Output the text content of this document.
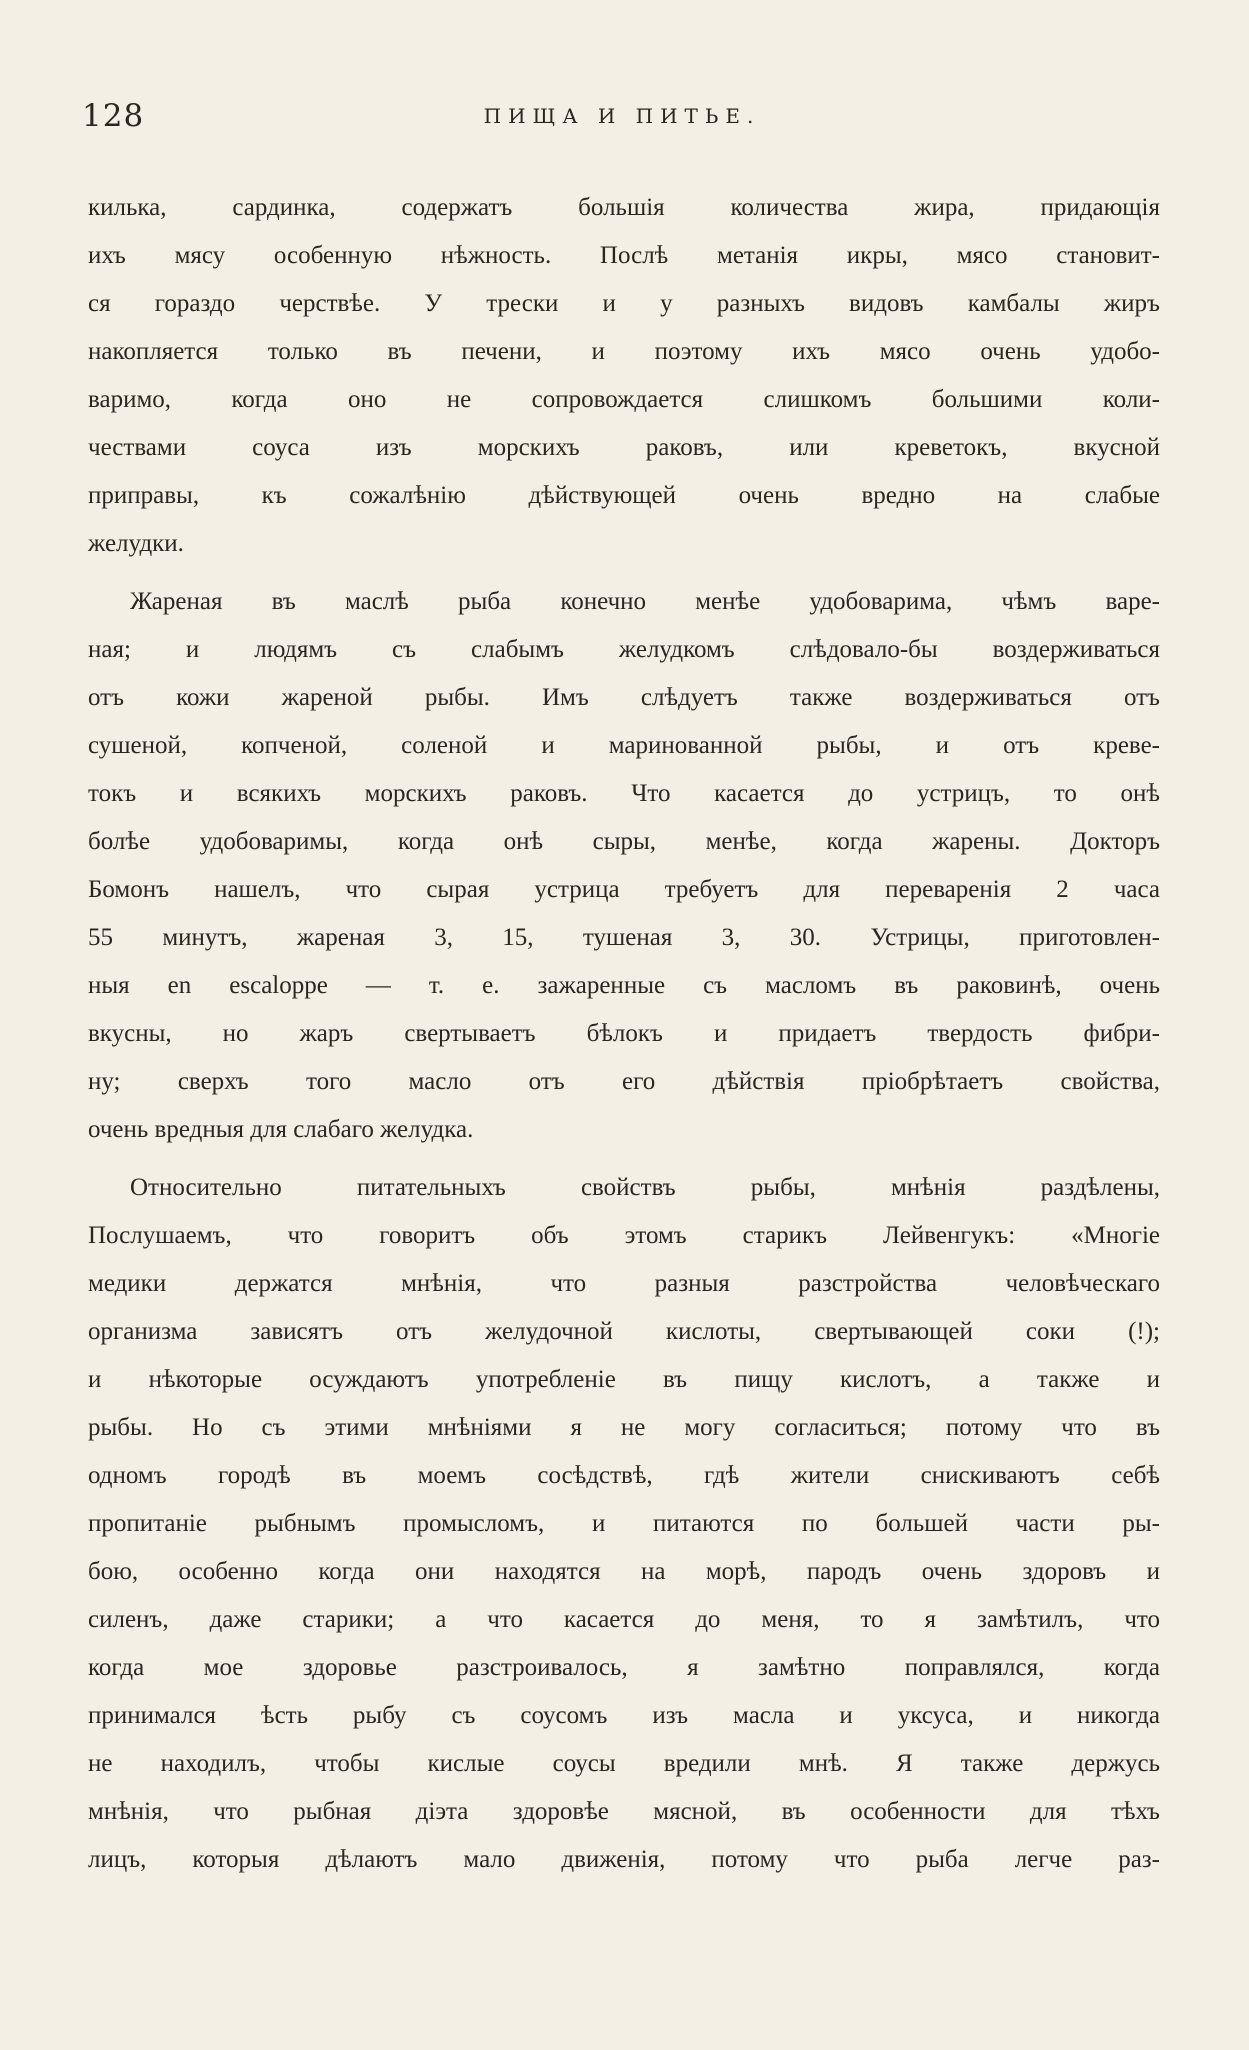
128	ПИЩА И ПИТЬЕ.
килька, сардинка, содержатъ большія количества жира, придающія
ихъ мясу особенную нѣжность. Послѣ метанія икры, мясо становит-
ся гораздо черствѣе. У трески и у разныхъ видовъ камбалы жиръ
накопляется только въ печени, и поэтому ихъ мясо очень удобо-
варимо, когда оно не сопровождается слишкомъ большими коли-
чествами соуса изъ морскихъ раковъ, или креветокъ, вкусной
приправы, къ сожалѣнію дѣйствующей очень вредно на слабые
желудки.
Жареная въ маслѣ рыба конечно менѣе удобоварима, чѣмъ варе-
ная; и людямъ съ слабымъ желудкомъ слѣдовало-бы воздерживаться
отъ кожи жареной рыбы. Имъ слѣдуетъ также воздерживаться отъ
сушеной, копченой, соленой и маринованной рыбы, и отъ креве-
токъ и всякихъ морскихъ раковъ. Что касается до устрицъ, то онѣ
болѣе удобоваримы, когда онѣ сыры, менѣе, когда жарены. Докторъ
Бомонъ нашелъ, что сырая устрица требуетъ для переваренія 2 часа
55 минутъ, жареная 3, 15, тушеная 3, 30. Устрицы, приготовлен-
ныя en escaloppe — т. е. зажаренные съ масломъ въ раковинѣ, очень
вкусны, но жаръ свертываетъ бѣлокъ и придаетъ твердость фибри-
ну; сверхъ того масло отъ его дѣйствія пріобрѣтаетъ свойства,
очень вредныя для слабаго желудка.
Относительно питательныхъ свойствъ рыбы, мнѣнія раздѣлены,
Послушаемъ, что говоритъ объ этомъ старикъ Лейвенгукъ: «Многіе
медики держатся мнѣнія, что разныя разстройства человѣческаго
организма зависятъ отъ желудочной кислоты, свертывающей соки (!);
и нѣкоторые осуждаютъ употребленіе въ пищу кислотъ, а также и
рыбы. Но съ этими мнѣніями я не могу согласиться; потому что въ
одномъ городѣ въ моемъ сосѣдствѣ, гдѣ жители снискиваютъ себѣ
пропитаніе рыбнымъ промысломъ, и питаются по большей части ры-
бою, особенно когда они находятся на морѣ, пародъ очень здоровъ и
силенъ, даже старики; а что касается до меня, то я замѣтилъ, что
когда мое здоровье разстроивалось, я замѣтно поправлялся, когда
принимался ѣсть рыбу съ соусомъ изъ масла и уксуса, и никогда
не находилъ, чтобы кислые соусы вредили мнѣ. Я также держусь
мнѣнія, что рыбная діэта здоровѣе мясной, въ особенности для тѣхъ
лицъ, которыя дѣлаютъ мало движенія, потому что рыба легче раз-
